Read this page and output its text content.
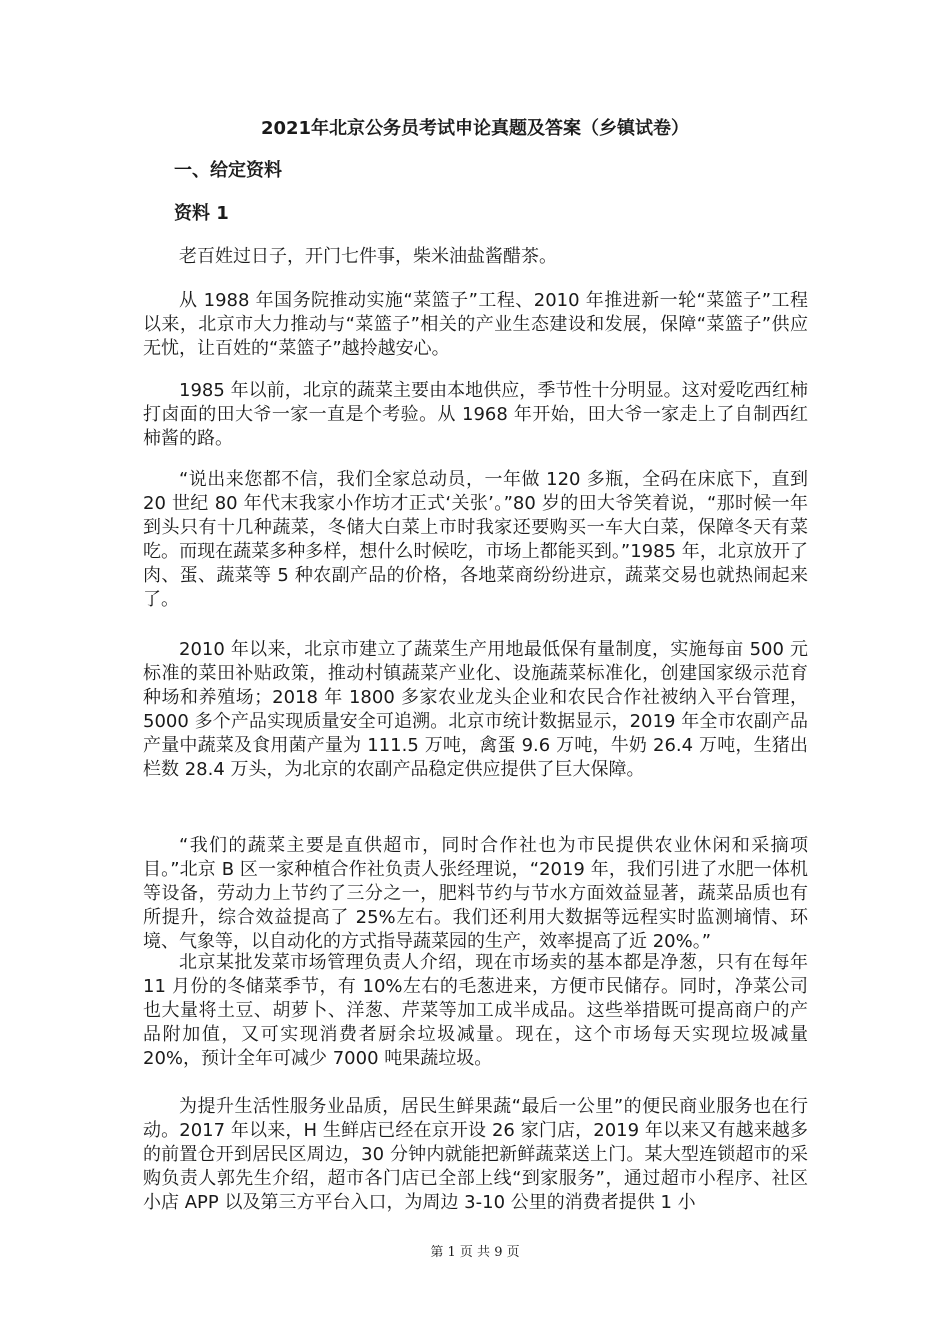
2021年北京公务员考试申论真题及答案（乡镇试卷）
一、给定资料
资料 1

老百姓过日子，开门七件事，柴米油盐酱醋茶。

从 1988 年国务院推动实施“菜篮子”工程、2010 年推进新一轮“菜篮子”工程以来，北京市大力推动与“菜篮子”相关的产业生态建设和发展，保障“菜篮子”供应无忧，让百姓的“菜篮子”越拎越安心。

1985 年以前，北京的蔬菜主要由本地供应，季节性十分明显。这对爱吃西红柿打卤面的田大爷一家一直是个考验。从 1968 年开始，田大爷一家走上了自制西红柿酱的路。

“说出来您都不信，我们全家总动员，一年做 120 多瓶，全码在床底下，直到 20 世纪 80 年代末我家小作坊才正式‘关张’。”80 岁的田大爷笑着说，“那时候一年到头只有十几种蔬菜，冬储大白菜上市时我家还要购买一车大白菜，保障冬天有菜吃。而现在蔬菜多种多样，想什么时候吃，市场上都能买到。”1985 年，北京放开了肉、蛋、蔬菜等 5 种农副产品的价格，各地菜商纷纷进京，蔬菜交易也就热闹起来了。

2010 年以来，北京市建立了蔬菜生产用地最低保有量制度，实施每亩 500 元标准的菜田补贴政策，推动村镇蔬菜产业化、设施蔬菜标准化，创建国家级示范育种场和养殖场；2018 年 1800 多家农业龙头企业和农民合作社被纳入平台管理，5000 多个产品实现质量安全可追溯。北京市统计数据显示，2019 年全市农副产品产量中蔬菜及食用菌产量为 111.5 万吨，禽蛋 9.6 万吨，牛奶 26.4 万吨，生猪出栏数 28.4 万头，为北京的农副产品稳定供应提供了巨大保障。

“我们的蔬菜主要是直供超市，同时合作社也为市民提供农业休闲和采摘项目。”北京 B 区一家种植合作社负责人张经理说，“2019 年，我们引进了水肥一体机等设备，劳动力上节约了三分之一，肥料节约与节水方面效益显著，蔬菜品质也有所提升，综合效益提高了 25%左右。我们还利用大数据等远程实时监测墒情、环境、气象等，以自动化的方式指导蔬菜园的生产，效率提高了近 20%。”

北京某批发菜市场管理负责人介绍，现在市场卖的基本都是净葱，只有在每年 11 月份的冬储菜季节，有 10%左右的毛葱进来，方便市民储存。同时，净菜公司也大量将土豆、胡萝卜、洋葱、芹菜等加工成半成品。这些举措既可提高商户的产品附加值，又可实现消费者厨余垃圾减量。现在，这个市场每天实现垃圾减量 20%，预计全年可减少 7000 吨果蔬垃圾。

为提升生活性服务业品质，居民生鲜果蔬“最后一公里”的便民商业服务也在行动。2017 年以来，H 生鲜店已经在京开设 26 家门店，2019 年以来又有越来越多的前置仓开到居民区周边，30 分钟内就能把新鲜蔬菜送上门。某大型连锁超市的采购负责人郭先生介绍，超市各门店已全部上线“到家服务”，通过超市小程序、社区小店 APP 以及第三方平台入口，为周边 3-10 公里的消费者提供 1 小

第 1 页 共 9 页
